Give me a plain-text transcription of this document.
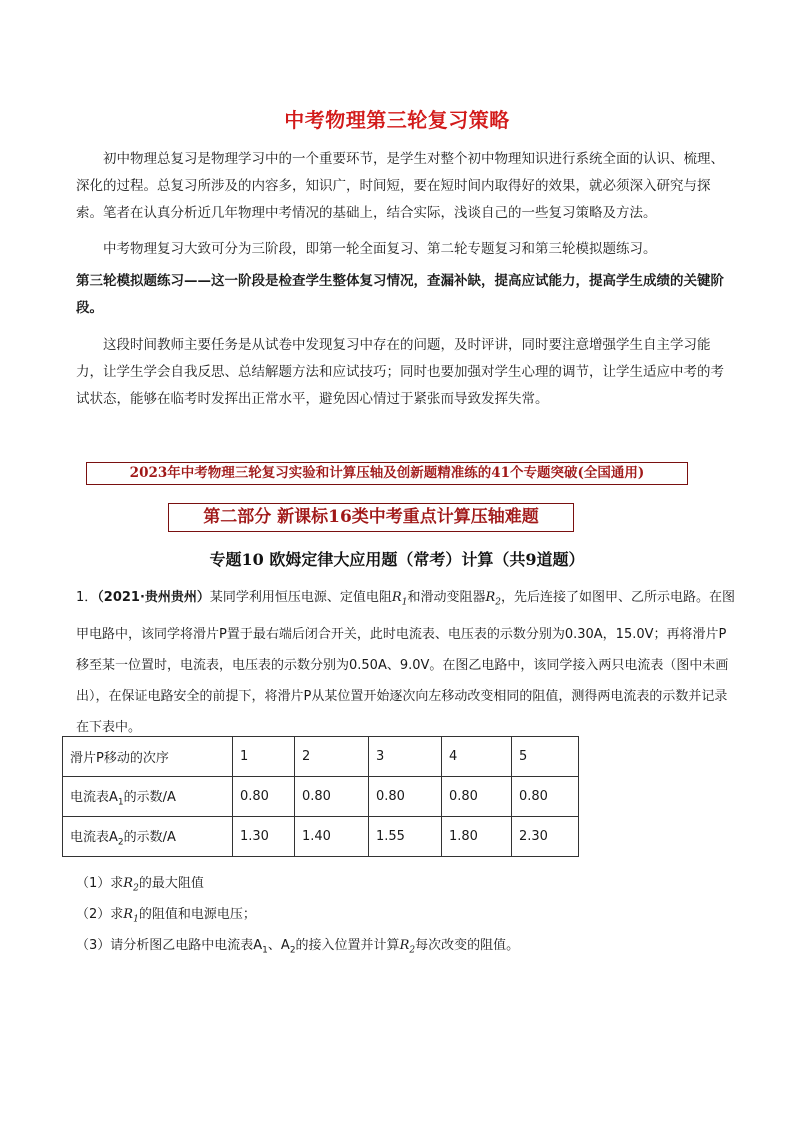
中考物理第三轮复习策略

初中物理总复习是物理学习中的一个重要环节，是学生对整个初中物理知识进行系统全面的认识、梳理、深化的过程。总复习所涉及的内容多，知识广，时间短，要在短时间内取得好的效果，就必须深入研究与探索。笔者在认真分析近几年物理中考情况的基础上，结合实际，浅谈自己的一些复习策略及方法。

中考物理复习大致可分为三阶段，即第一轮全面复习、第二轮专题复习和第三轮模拟题练习。

第三轮模拟题练习——这一阶段是检查学生整体复习情况，查漏补缺，提高应试能力，提高学生成绩的关键阶段。

这段时间教师主要任务是从试卷中发现复习中存在的问题，及时评讲，同时要注意增强学生自主学习能力，让学生学会自我反思、总结解题方法和应试技巧；同时也要加强对学生心理的调节，让学生适应中考的考试状态，能够在临考时发挥出正常水平，避免因心情过于紧张而导致发挥失常。

2023年中考物理三轮复习实验和计算压轴及创新题精准练的41个专题突破(全国通用)
第二部分 新课标16类中考重点计算压轴难题
专题10 欧姆定律大应用题（常考）计算（共9道题）

1．（2021·贵州贵州）某同学利用恒压电源、定值电阻$R_1$和滑动变阻器$R_2$，先后连接了如图甲、乙所示电路。在图甲电路中，该同学将滑片P置于最右端后闭合开关，此时电流表、电压表的示数分别为0.30A，15.0V；再将滑片P移至某一位置时，电流表，电压表的示数分别为0.50A、9.0V。在图乙电路中，该同学接入两只电流表（图中未画出），在保证电路安全的前提下，将滑片P从某位置开始逐次向左移动改变相同的阻值，测得两电流表的示数并记录在下表中。

滑片P移动的次序	1	2	3	4	5
电流表$A_1$的示数/A	0.80	0.80	0.80	0.80	0.80
电流表$A_2$的示数/A	1.30	1.40	1.55	1.80	2.30

（1）求$R_2$的最大阻值

（2）求$R_1$的阻值和电源电压；

（3）请分析图乙电路中电流表$A_1$、$A_2$的接入位置并计算$R_2$每次改变的阻值。
